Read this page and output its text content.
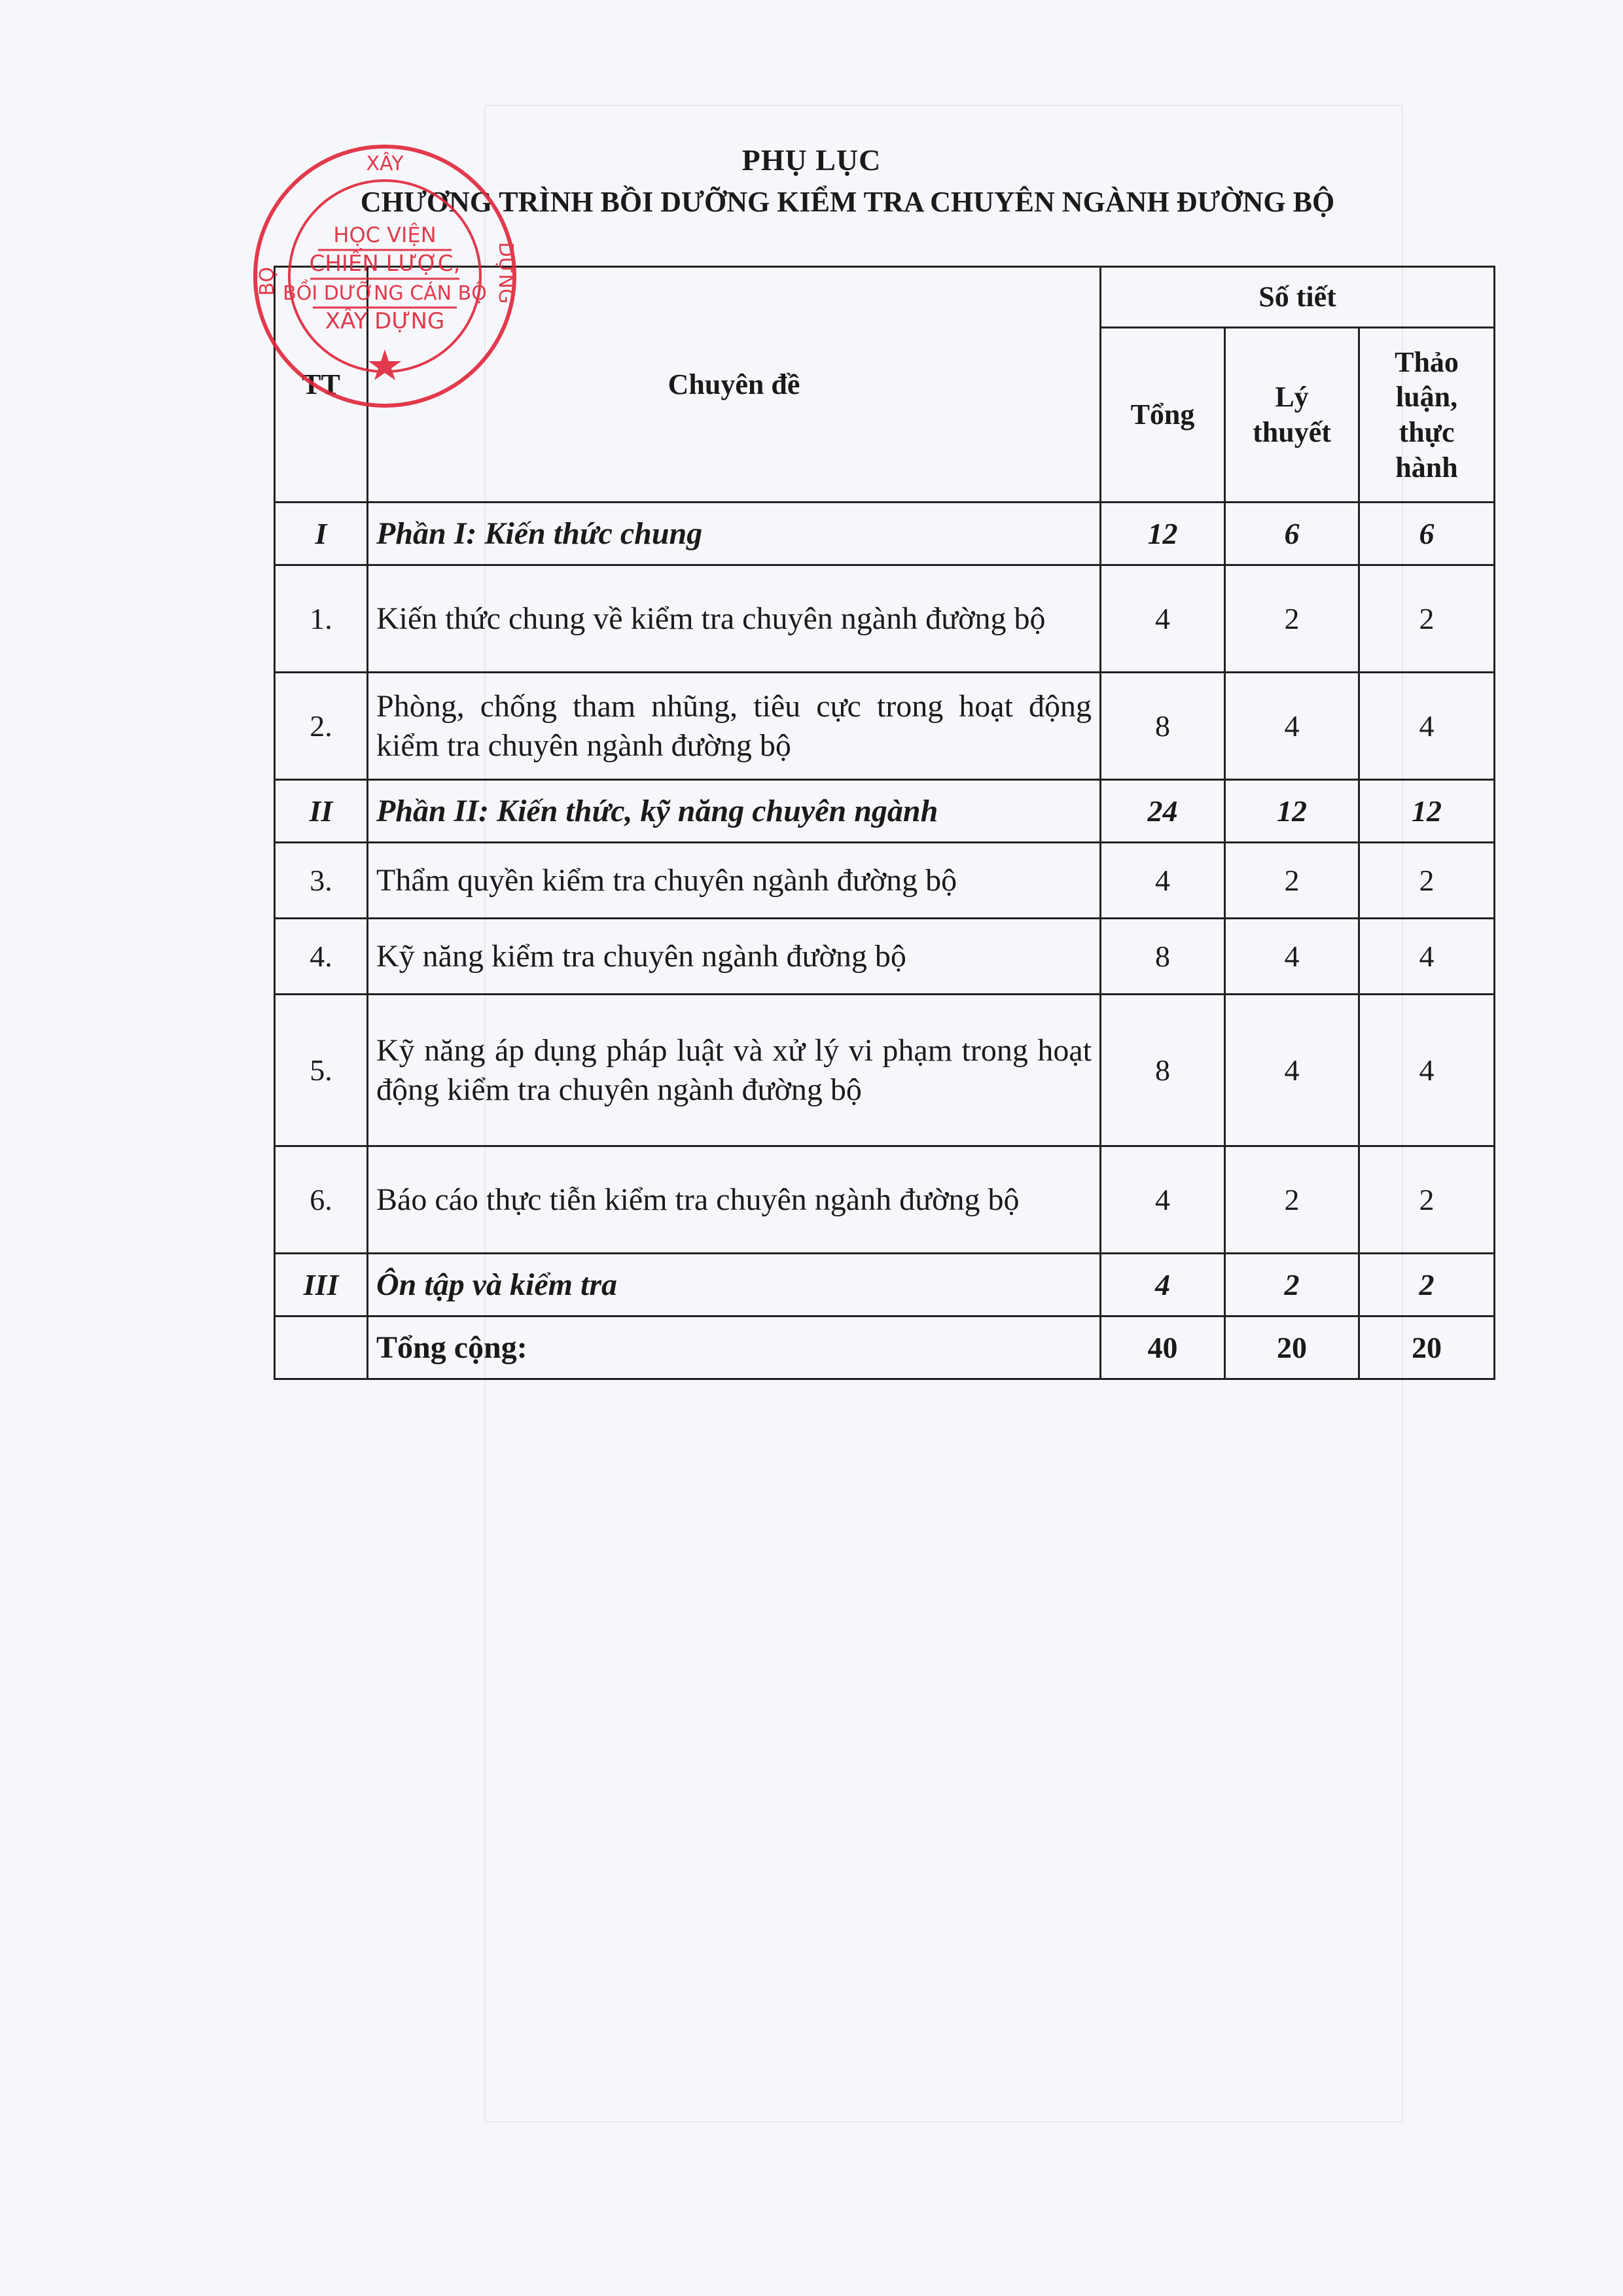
PHỤ LỤC
CHƯƠNG TRÌNH BỒI DƯỠNG KIỂM TRA CHUYÊN NGÀNH ĐƯỜNG BỘ
TT	Chuyên đề	Số tiết		
		Tổng	Lý thuyết	Thảo luận, thực hành
I	Phần I: Kiến thức chung	12	6	6
1.	Kiến thức chung về kiểm tra chuyên ngành đường bộ	4	2	2
2.	Phòng, chống tham nhũng, tiêu cực trong hoạt động kiểm tra chuyên ngành đường bộ	8	4	4
II	Phần II: Kiến thức, kỹ năng chuyên ngành	24	12	12
3.	Thẩm quyền kiểm tra chuyên ngành đường bộ	4	2	2
4.	Kỹ năng kiểm tra chuyên ngành đường bộ	8	4	4
5.	Kỹ năng áp dụng pháp luật và xử lý vi phạm trong hoạt động kiểm tra chuyên ngành đường bộ	8	4	4
6.	Báo cáo thực tiễn kiểm tra chuyên ngành đường bộ	4	2	2
III	Ôn tập và kiểm tra	4	2	2
	Tổng cộng:	40	20	20
XÂY
BỘ	DỰNG
HỌC VIỆN
CHIẾN LƯỢC,
BỒI DƯỠNG CÁN BỘ
XÂY DỰNG
